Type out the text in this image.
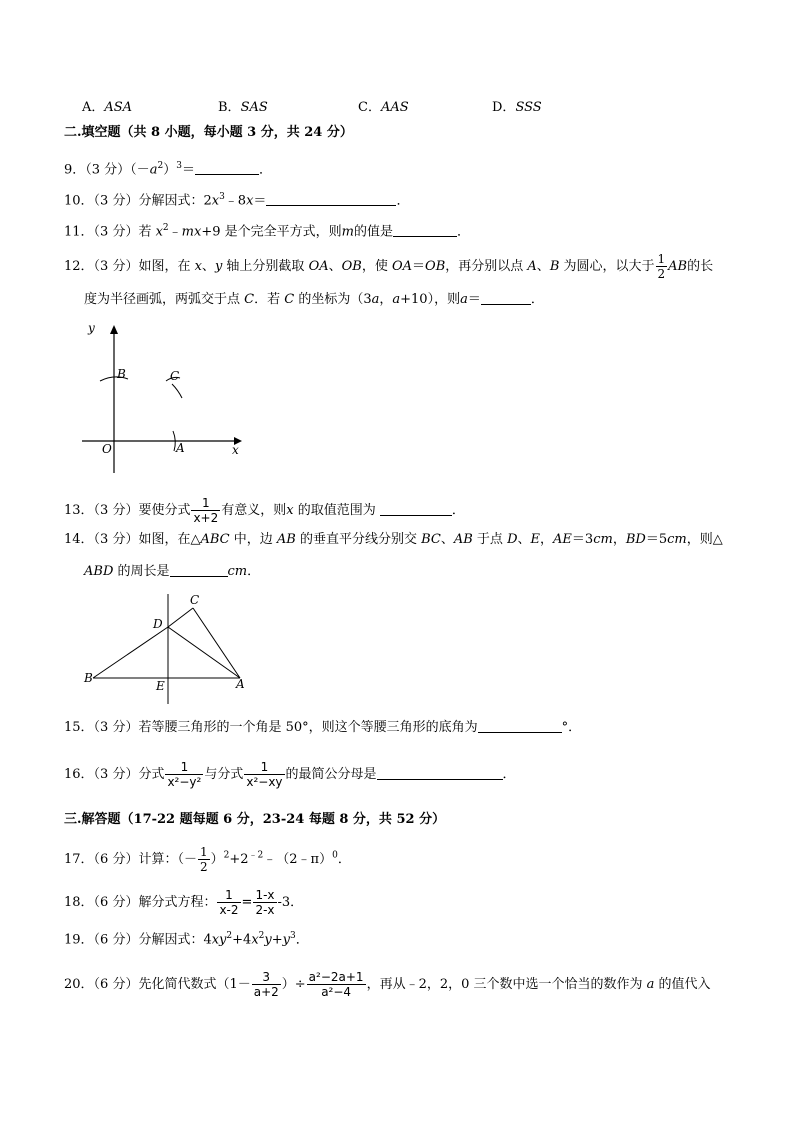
A．ASA	B．SAS	C．AAS	D．SSS
二.填空题（共 8 小题，每小题 3 分，共 24 分）
9．（3 分）$(-a^2)^3=$	．
10．（3 分）分解因式：$2x^3﹣8x=$	．
11．（3 分）若 $x^2﹣mx+9$ 是个完全平方式，则m的值是	．
12．（3 分）如图，在 x、y 轴上分别截取 OA、OB，使 OA＝OB，再分别以点 A、B 为圆心，以大于 $\frac{1}{2}$ AB的长
度为半径画弧，两弧交于点 C．若 C 的坐标为（3a，a+10），则a＝	．
y
B	C
O	A	x
13．（3 分）要使分式 $\frac{1}{x+2}$ 有意义，则x 的取值范围为	．
14．（3 分）如图，在△ABC 中，边 AB 的垂直平分线分别交 BC、AB 于点 D、E，AE＝3cm，BD＝5cm，则△
ABD 的周长是	cm．
C
D
B
E	A
15．（3 分）若等腰三角形的一个角是 50°，则这个等腰三角形的底角为	°．
16．（3 分）分式 $\frac{1}{\text{x²−y²}}$ 与分式 $\frac{1}{\text{x²−xy}}$ 的最简公分母是	．
三.解答题（17-22 题每题 6 分，23-24 每题 8 分，共 52 分）
17．（6 分）计算：（－ $\frac{1}{2}$ ）$^2+2^{﹣2}﹣(2﹣\pi)^0$．
18．（6 分）解分式方程： $\frac{1}{x-2} = \frac{1-x}{2-x} -3$．
19．（6 分）分解因式：$4xy^2+4x^2y+y^3$．
20．（6 分）先化简代数式（$1- \frac{3}{a+2}$ ）÷ $\frac{\text{a²−2a+1}}{\text{a²−4}}$ ，再从﹣2，2，0 三个数中选一个恰当的数作为 a 的值代入
